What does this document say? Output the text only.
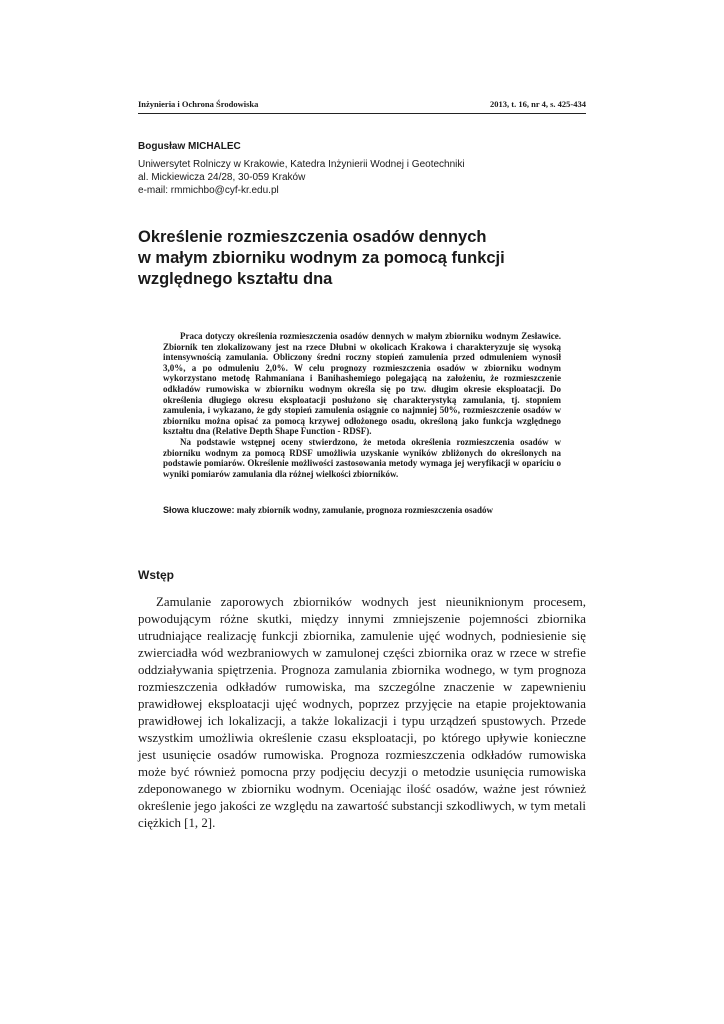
Inżynieria i Ochrona Środowiska	2013, t. 16, nr 4, s. 425-434
Bogusław MICHALEC
Uniwersytet Rolniczy w Krakowie, Katedra Inżynierii Wodnej i Geotechniki
al. Mickiewicza 24/28, 30-059 Kraków
e-mail: rmmichbo@cyf-kr.edu.pl
Określenie rozmieszczenia osadów dennych
w małym zbiorniku wodnym za pomocą funkcji
względnego kształtu dna

Praca dotyczy określenia rozmieszczenia osadów dennych w małym zbiorniku wodnym Zesławice. Zbiornik ten zlokalizowany jest na rzece Dłubni w okolicach Krakowa i charakteryzuje się wysoką intensywnością zamulania. Obliczony średni roczny stopień zamulenia przed odmuleniem wynosił 3,0%, a po odmuleniu 2,0%. W celu prognozy rozmieszczenia osadów w zbiorniku wodnym wykorzystano metodę Rahmaniana i Banihashemiego polegającą na założeniu, że rozmieszczenie odkładów rumowiska w zbiorniku wodnym określa się po tzw. długim okresie eksploatacji. Do określenia długiego okresu eksploatacji posłużono się charakterystyką zamulania, tj. stopniem zamulenia, i wykazano, że gdy stopień zamulenia osiągnie co najmniej 50%, rozmieszczenie osadów w zbiorniku można opisać za pomocą krzywej odłożonego osadu, określoną jako funkcja względnego kształtu dna (Relative Depth Shape Function - RDSF).

Na podstawie wstępnej oceny stwierdzono, że metoda określenia rozmieszczenia osadów w zbiorniku wodnym za pomocą RDSF umożliwia uzyskanie wyników zbliżonych do określonych na podstawie pomiarów. Określenie możliwości zastosowania metody wymaga jej weryfikacji w opariciu o wyniki pomiarów zamulania dla różnej wielkości zbiorników.

Słowa kluczowe: mały zbiornik wodny, zamulanie, prognoza rozmieszczenia osadów
Wstęp

Zamulanie zaporowych zbiorników wodnych jest nieuniknionym procesem, powodującym różne skutki, między innymi zmniejszenie pojemności zbiornika utrudniające realizację funkcji zbiornika, zamulenie ujęć wodnych, podniesienie się zwierciadła wód wezbraniowych w zamulonej części zbiornika oraz w rzece w strefie oddziaływania spiętrzenia. Prognoza zamulania zbiornika wodnego, w tym prognoza rozmieszczenia odkładów rumowiska, ma szczególne znaczenie w zapewnieniu prawidłowej eksploatacji ujęć wodnych, poprzez przyjęcie na etapie projektowania prawidłowej ich lokalizacji, a także lokalizacji i typu urządzeń spustowych. Przede wszystkim umożliwia określenie czasu eksploatacji, po którego upływie konieczne jest usunięcie osadów rumowiska. Prognoza rozmieszczenia odkładów rumowiska może być również pomocna przy podjęciu decyzji o metodzie usunięcia rumowiska zdeponowanego w zbiorniku wodnym. Oceniając ilość osadów, ważne jest również określenie jego jakości ze względu na zawartość substancji szkodliwych, w tym metali ciężkich [1, 2].
